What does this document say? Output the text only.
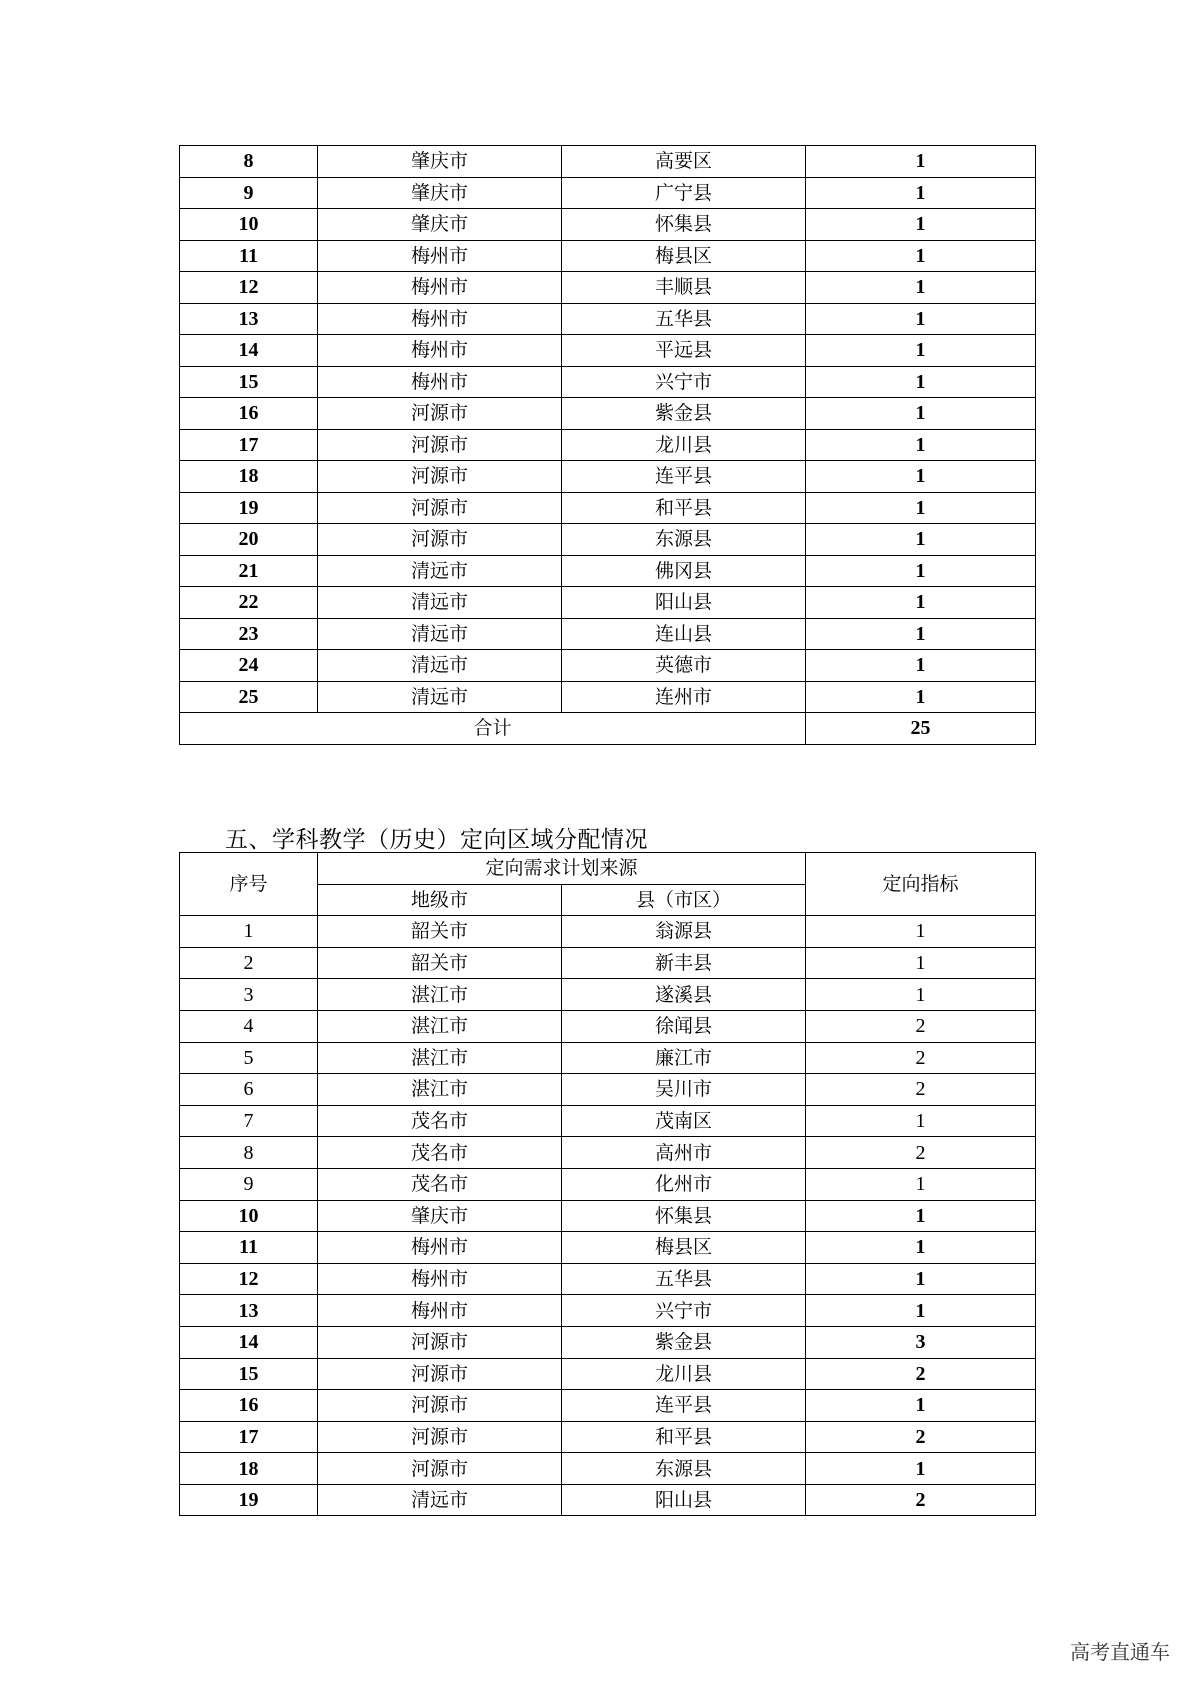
8	肇庆市	高要区	1
9	肇庆市	广宁县	1
10	肇庆市	怀集县	1
11	梅州市	梅县区	1
12	梅州市	丰顺县	1
13	梅州市	五华县	1
14	梅州市	平远县	1
15	梅州市	兴宁市	1
16	河源市	紫金县	1
17	河源市	龙川县	1
18	河源市	连平县	1
19	河源市	和平县	1
20	河源市	东源县	1
21	清远市	佛冈县	1
22	清远市	阳山县	1
23	清远市	连山县	1
24	清远市	英德市	1
25	清远市	连州市	1
合计			25
五、学科教学（历史）定向区域分配情况
序号	定向需求计划来源		定向指标
	地级市	县（市区）	
1	韶关市	翁源县	1
2	韶关市	新丰县	1
3	湛江市	遂溪县	1
4	湛江市	徐闻县	2
5	湛江市	廉江市	2
6	湛江市	吴川市	2
7	茂名市	茂南区	1
8	茂名市	高州市	2
9	茂名市	化州市	1
10	肇庆市	怀集县	1
11	梅州市	梅县区	1
12	梅州市	五华县	1
13	梅州市	兴宁市	1
14	河源市	紫金县	3
15	河源市	龙川县	2
16	河源市	连平县	1
17	河源市	和平县	2
18	河源市	东源县	1
19	清远市	阳山县	2
高考直通车
